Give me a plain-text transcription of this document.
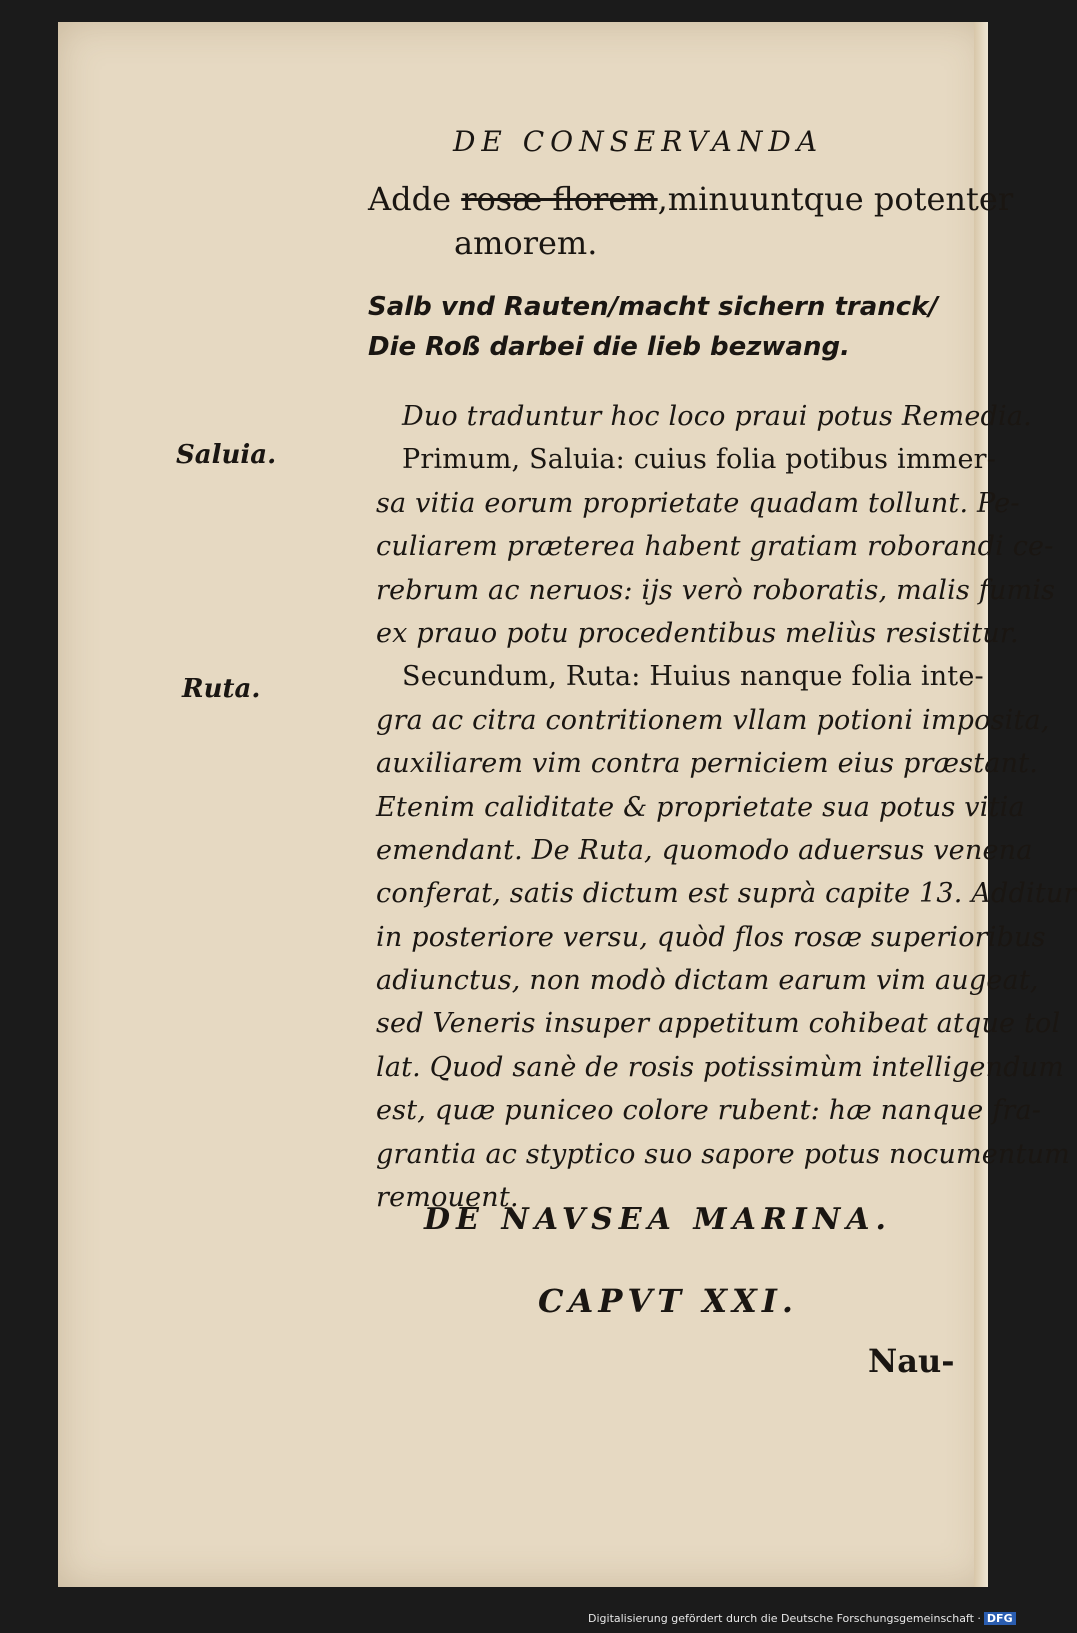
DE CONSERVANDA
Adde rosæ florem,minuuntque potenter
amorem.
Salb vnd Rauten/macht sichern tranck/
Die Roß darbei die lieb bezwang.
Saluia.
Ruta.
Duo traduntur hoc loco praui potus Remedia.
Primum, Saluia: cuius folia potibus immer-
sa vitia eorum proprietate quadam tollunt. Pe-
culiarem præterea habent gratiam roborandi ce-
rebrum ac neruos: ijs verò roboratis, malis fumis
ex prauo potu procedentibus meliùs resistitur.
Secundum, Ruta: Huius nanque folia inte-
gra ac citra contritionem vllam potioni imposita,
auxiliarem vim contra perniciem eius præstant.
Etenim caliditate & proprietate sua potus vitia
emendant. De Ruta, quomodo aduersus venena
conferat, satis dictum est suprà capite 13. Additur
in posteriore versu, quòd flos rosæ superioribus
adiunctus, non modò dictam earum vim augeat,
sed Veneris insuper appetitum cohibeat atque tol
lat. Quod sanè de rosis potissimùm intelligendum
est, quæ puniceo colore rubent: hæ nanque fra-
grantia ac styptico suo sapore potus nocumentum
remouent.
DE NAVSEA MARINA.
CAPVT XXI.
Nau-
Digitalisierung gefördert durch die Deutsche Forschungsgemeinschaft · DFG
